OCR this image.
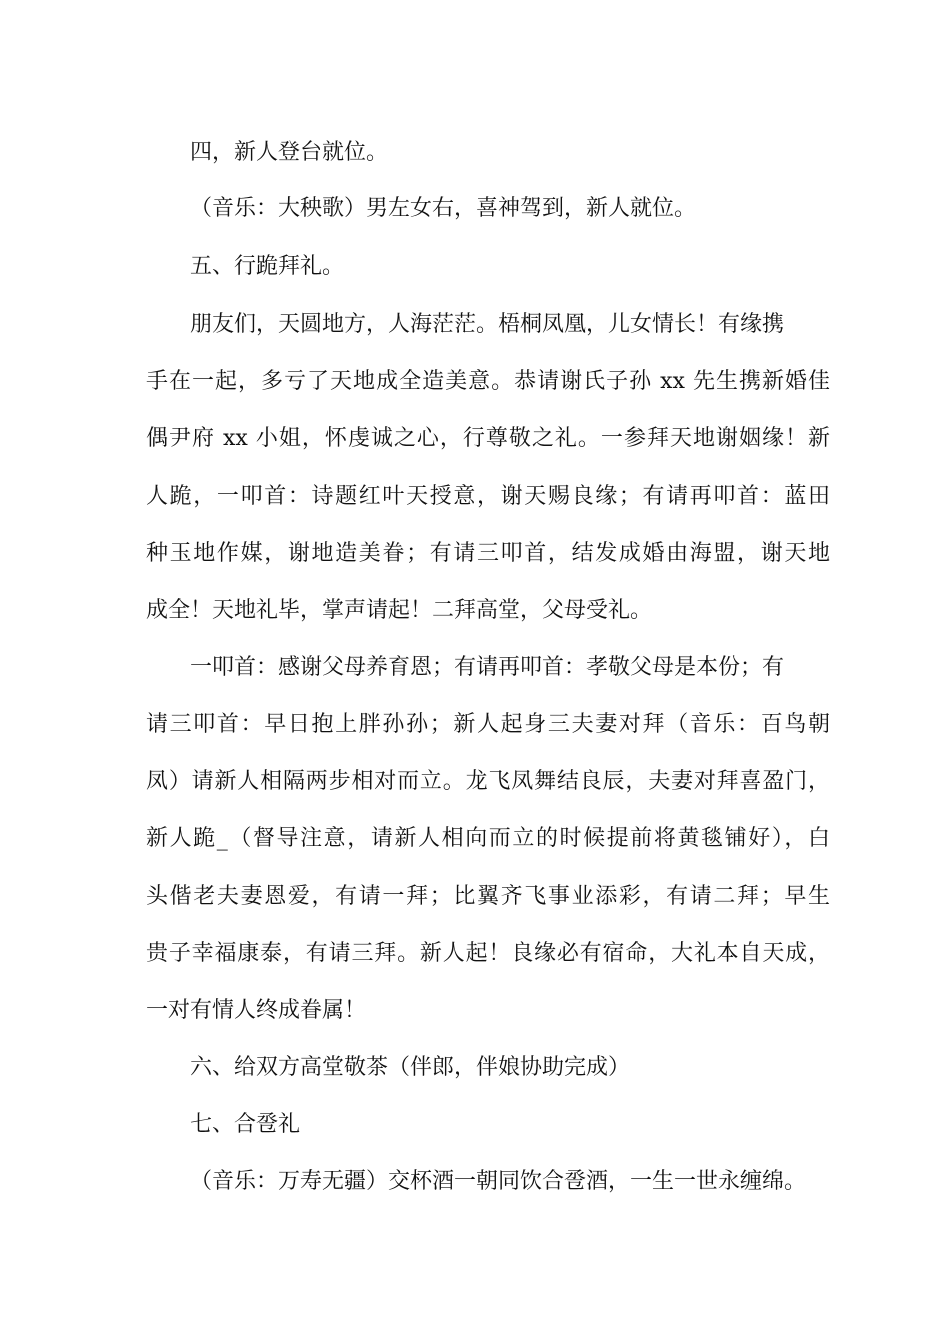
四，新人登台就位。
（音乐：大秧歌）男左女右，喜神驾到，新人就位。
五、行跪拜礼。
朋友们，天圆地方，人海茫茫。梧桐凤凰，儿女情长！有缘携
手在一起，多亏了天地成全造美意。恭请谢氏子孙 xx 先生携新婚佳
偶尹府 xx 小姐，怀虔诚之心，行尊敬之礼。一参拜天地谢姻缘！新
人跪，一叩首：诗题红叶天授意，谢天赐良缘；有请再叩首：蓝田
种玉地作媒，谢地造美眷；有请三叩首，结发成婚由海盟，谢天地
成全！天地礼毕，掌声请起！二拜高堂，父母受礼。
一叩首：感谢父母养育恩；有请再叩首：孝敬父母是本份；有
请三叩首：早日抱上胖孙孙；新人起身三夫妻对拜（音乐：百鸟朝
凤）请新人相隔两步相对而立。龙飞凤舞结良辰，夫妻对拜喜盈门，
新人跪_（督导注意，请新人相向而立的时候提前将黄毯铺好），白
头偕老夫妻恩爱，有请一拜；比翼齐飞事业添彩，有请二拜；早生
贵子幸福康泰，有请三拜。新人起！良缘必有宿命，大礼本自天成，
一对有情人终成眷属！
六、给双方高堂敬茶（伴郎，伴娘协助完成）
七、合卺礼
（音乐：万寿无疆）交杯酒一朝同饮合卺酒，一生一世永缠绵。
